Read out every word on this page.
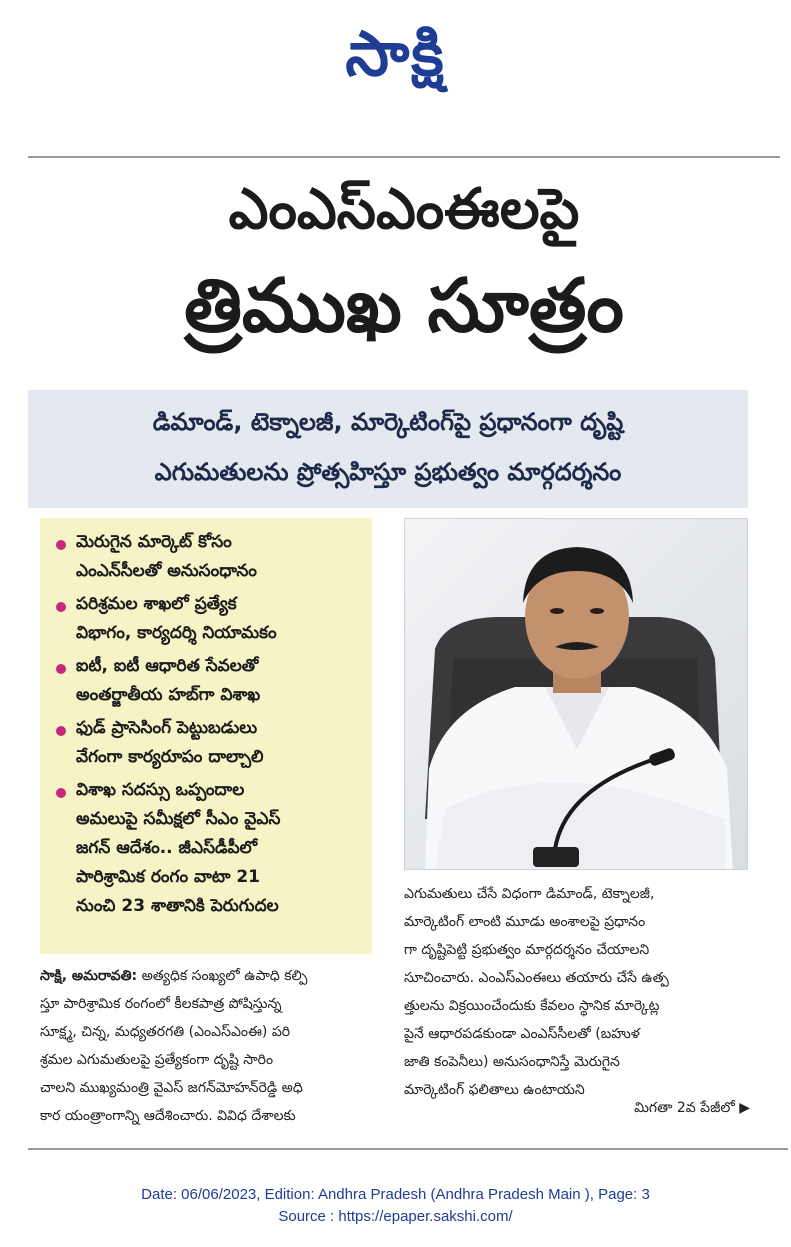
సాక్షి
ఎంఎస్‌ఎంఈలపై
త్రిముఖ సూత్రం
డిమాండ్, టెక్నాలజీ, మార్కెటింగ్‌పై ప్రధానంగా దృష్టి
ఎగుమతులను ప్రోత్సహిస్తూ ప్రభుత్వం మార్గదర్శనం
మెరుగైన మార్కెట్ కోసం
ఎంఎన్‌సీలతో అనుసంధానం
పరిశ్రమల శాఖలో ప్రత్యేక
విభాగం, కార్యదర్శి నియామకం
ఐటీ, ఐటీ ఆధారిత సేవలతో
అంతర్జాతీయ హబ్‌గా విశాఖ
ఫుడ్ ప్రాసెసింగ్ పెట్టుబడులు
వేగంగా కార్యరూపం దాల్చాలి
విశాఖ సదస్సు ఒప్పందాల
అమలుపై సమీక్షలో సీఎం వైఎస్
జగన్ ఆదేశం.. జీఎస్‌డీపీలో
పారిశ్రామిక రంగం వాటా 21
నుంచి 23 శాతానికి పెరుగుదల
సాక్షి, అమరావతి: అత్యధిక సంఖ్యలో ఉపాధి కల్పి
స్తూ పారిశ్రామిక రంగంలో కీలకపాత్ర పోషిస్తున్న
సూక్ష్మ, చిన్న, మధ్యతరగతి (ఎంఎస్ఎంఈ) పరి
శ్రమల ఎగుమతులపై ప్రత్యేకంగా దృష్టి సారిం
చాలని ముఖ్యమంత్రి వైఎస్ జగన్‌మోహన్‌రెడ్డి అధి
కార యంత్రాంగాన్ని ఆదేశించారు. వివిధ దేశాలకు
ఎగుమతులు చేసే విధంగా డిమాండ్, టెక్నాలజీ,
మార్కెటింగ్ లాంటి మూడు అంశాలపై ప్రధానం
గా దృష్టిపెట్టి ప్రభుత్వం మార్గదర్శనం చేయాలని
సూచించారు. ఎంఎస్ఎంఈలు తయారు చేసే ఉత్ప
త్తులను విక్రయించేందుకు కేవలం స్థానిక మార్కెట్ల
పైనే ఆధారపడకుండా ఎంఎస్‌సీలతో (బహుళ
జాతి కంపెనీలు) అనుసంధానిస్తే మెరుగైన
మార్కెటింగ్ ఫలితాలు ఉంటాయని
మిగతా 2వ పేజీలో ▶
Date: 06/06/2023, Edition: Andhra Pradesh (Andhra Pradesh Main ), Page: 3
Source : https://epaper.sakshi.com/
